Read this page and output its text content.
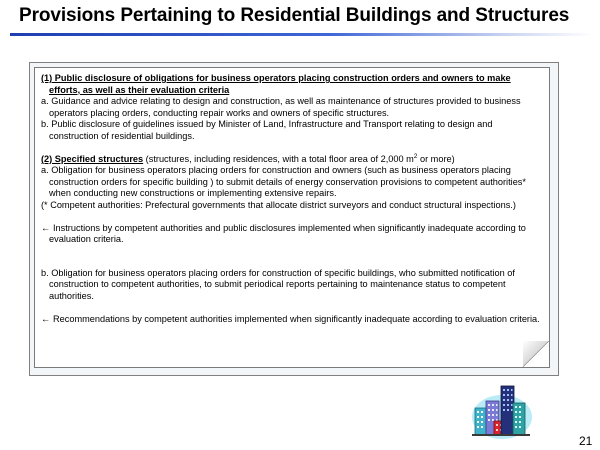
Provisions Pertaining to Residential Buildings and Structures

(1) Public disclosure of obligations for business operators placing construction orders and owners to make efforts, as well as their evaluation criteria

a. Guidance and advice relating to design and construction, as well as maintenance of structures provided to business operators placing orders, conducting repair works and owners of specific structures.

b. Public disclosure of guidelines issued by Minister of Land, Infrastructure and Transport relating to design and construction of residential buildings.

(2) Specified structures (structures, including residences, with a total floor area of 2,000 $m^2$ or more)

a. Obligation for business operators placing orders for construction and owners (such as business operators placing construction orders for specific building ) to submit details of energy conservation provisions to competent authorities* when conducting new constructions or implementing extensive repairs.

(* Competent authorities: Prefectural governments that allocate district surveyors and conduct structural inspections.)

← Instructions by competent authorities and public disclosures implemented when significantly inadequate according to evaluation criteria.

b. Obligation for business operators placing orders for construction of specific buildings, who submitted notification of construction to competent authorities, to submit periodical reports pertaining to maintenance status to competent authorities.

← Recommendations by competent authorities implemented when significantly inadequate according to evaluation criteria.

21
